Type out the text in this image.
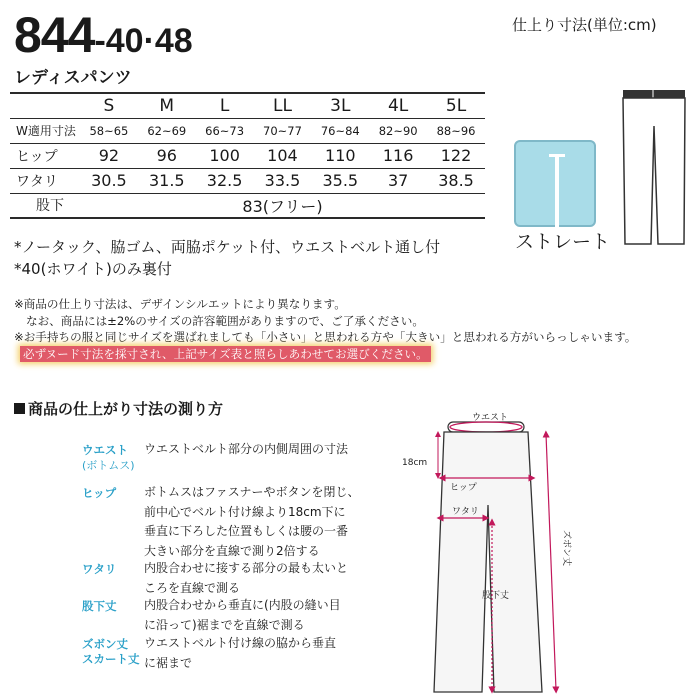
844-40·48	仕上り寸法(単位:cm)
レディスパンツ
	S	M	L	LL	3L	4L	5L
W適用寸法	58~65	62~69	66~73	70~77	76~84	82~90	88~96
ヒップ	92	96	100	104	110	116	122
ワタリ	30.5	31.5	32.5	33.5	35.5	37	38.5
股下	83(フリー)						
*ノータック、脇ゴム、両脇ポケット付、ウエストベルト通し付
*40(ホワイト)のみ裏付
※商品の仕上り寸法は、デザインシルエットにより異なります。
なお、商品には±2%のサイズの許容範囲がありますので、ご了承ください。
※お手持ちの服と同じサイズを選ばれましても「小さい」と思われる方や「大きい」と思われる方がいらっしゃいます。
必ずヌード寸法を採寸され、上記サイズ表と照らしあわせてお選びください。
ストレート
商品の仕上がり寸法の測り方
ウエスト
(ボトムス)
ウエストベルト部分の内側周囲の寸法
ヒップ ボトムスはファスナーやボタンを閉じ、
前中心でベルト付け線より18cm下に
垂直に下ろした位置もしくは腰の一番
大きい部分を直線で測り2倍する
ワタリ 内股合わせに接する部分の最も太いと
ころを直線で測る
股下丈 内股合わせから垂直に(内股の縫い目
に沿って)裾までを直線で測る
ズボン丈
スカート丈
ウエストベルト付け線の脇から垂直
に裾まで
ウエスト
18cm
ヒップ
ワタリ
股下丈
ズボン丈
